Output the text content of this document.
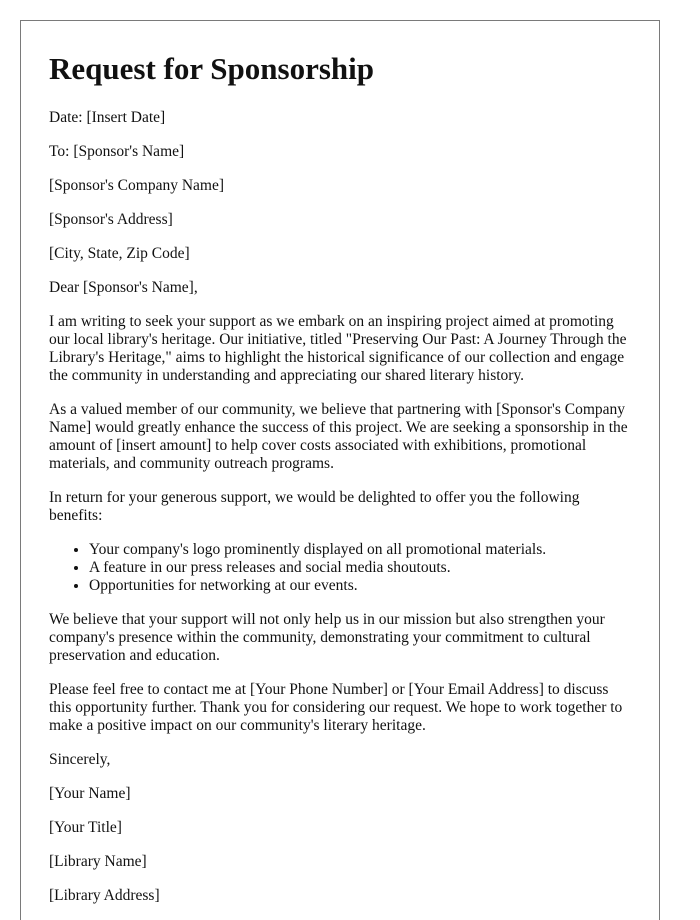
Request for Sponsorship

Date: [Insert Date]

To: [Sponsor's Name]

[Sponsor's Company Name]

[Sponsor's Address]

[City, State, Zip Code]

Dear [Sponsor's Name],

I am writing to seek your support as we embark on an inspiring project aimed at promoting our local library's heritage. Our initiative, titled "Preserving Our Past: A Journey Through the Library's Heritage," aims to highlight the historical significance of our collection and engage the community in understanding and appreciating our shared literary history.

As a valued member of our community, we believe that partnering with [Sponsor's Company Name] would greatly enhance the success of this project. We are seeking a sponsorship in the amount of [insert amount] to help cover costs associated with exhibitions, promotional materials, and community outreach programs.

In return for your generous support, we would be delighted to offer you the following benefits:

• Your company's logo prominently displayed on all promotional materials.
• A feature in our press releases and social media shoutouts.
• Opportunities for networking at our events.

We believe that your support will not only help us in our mission but also strengthen your company's presence within the community, demonstrating your commitment to cultural preservation and education.

Please feel free to contact me at [Your Phone Number] or [Your Email Address] to discuss this opportunity further. Thank you for considering our request. We hope to work together to make a positive impact on our community's literary heritage.

Sincerely,

[Your Name]

[Your Title]

[Library Name]

[Library Address]
